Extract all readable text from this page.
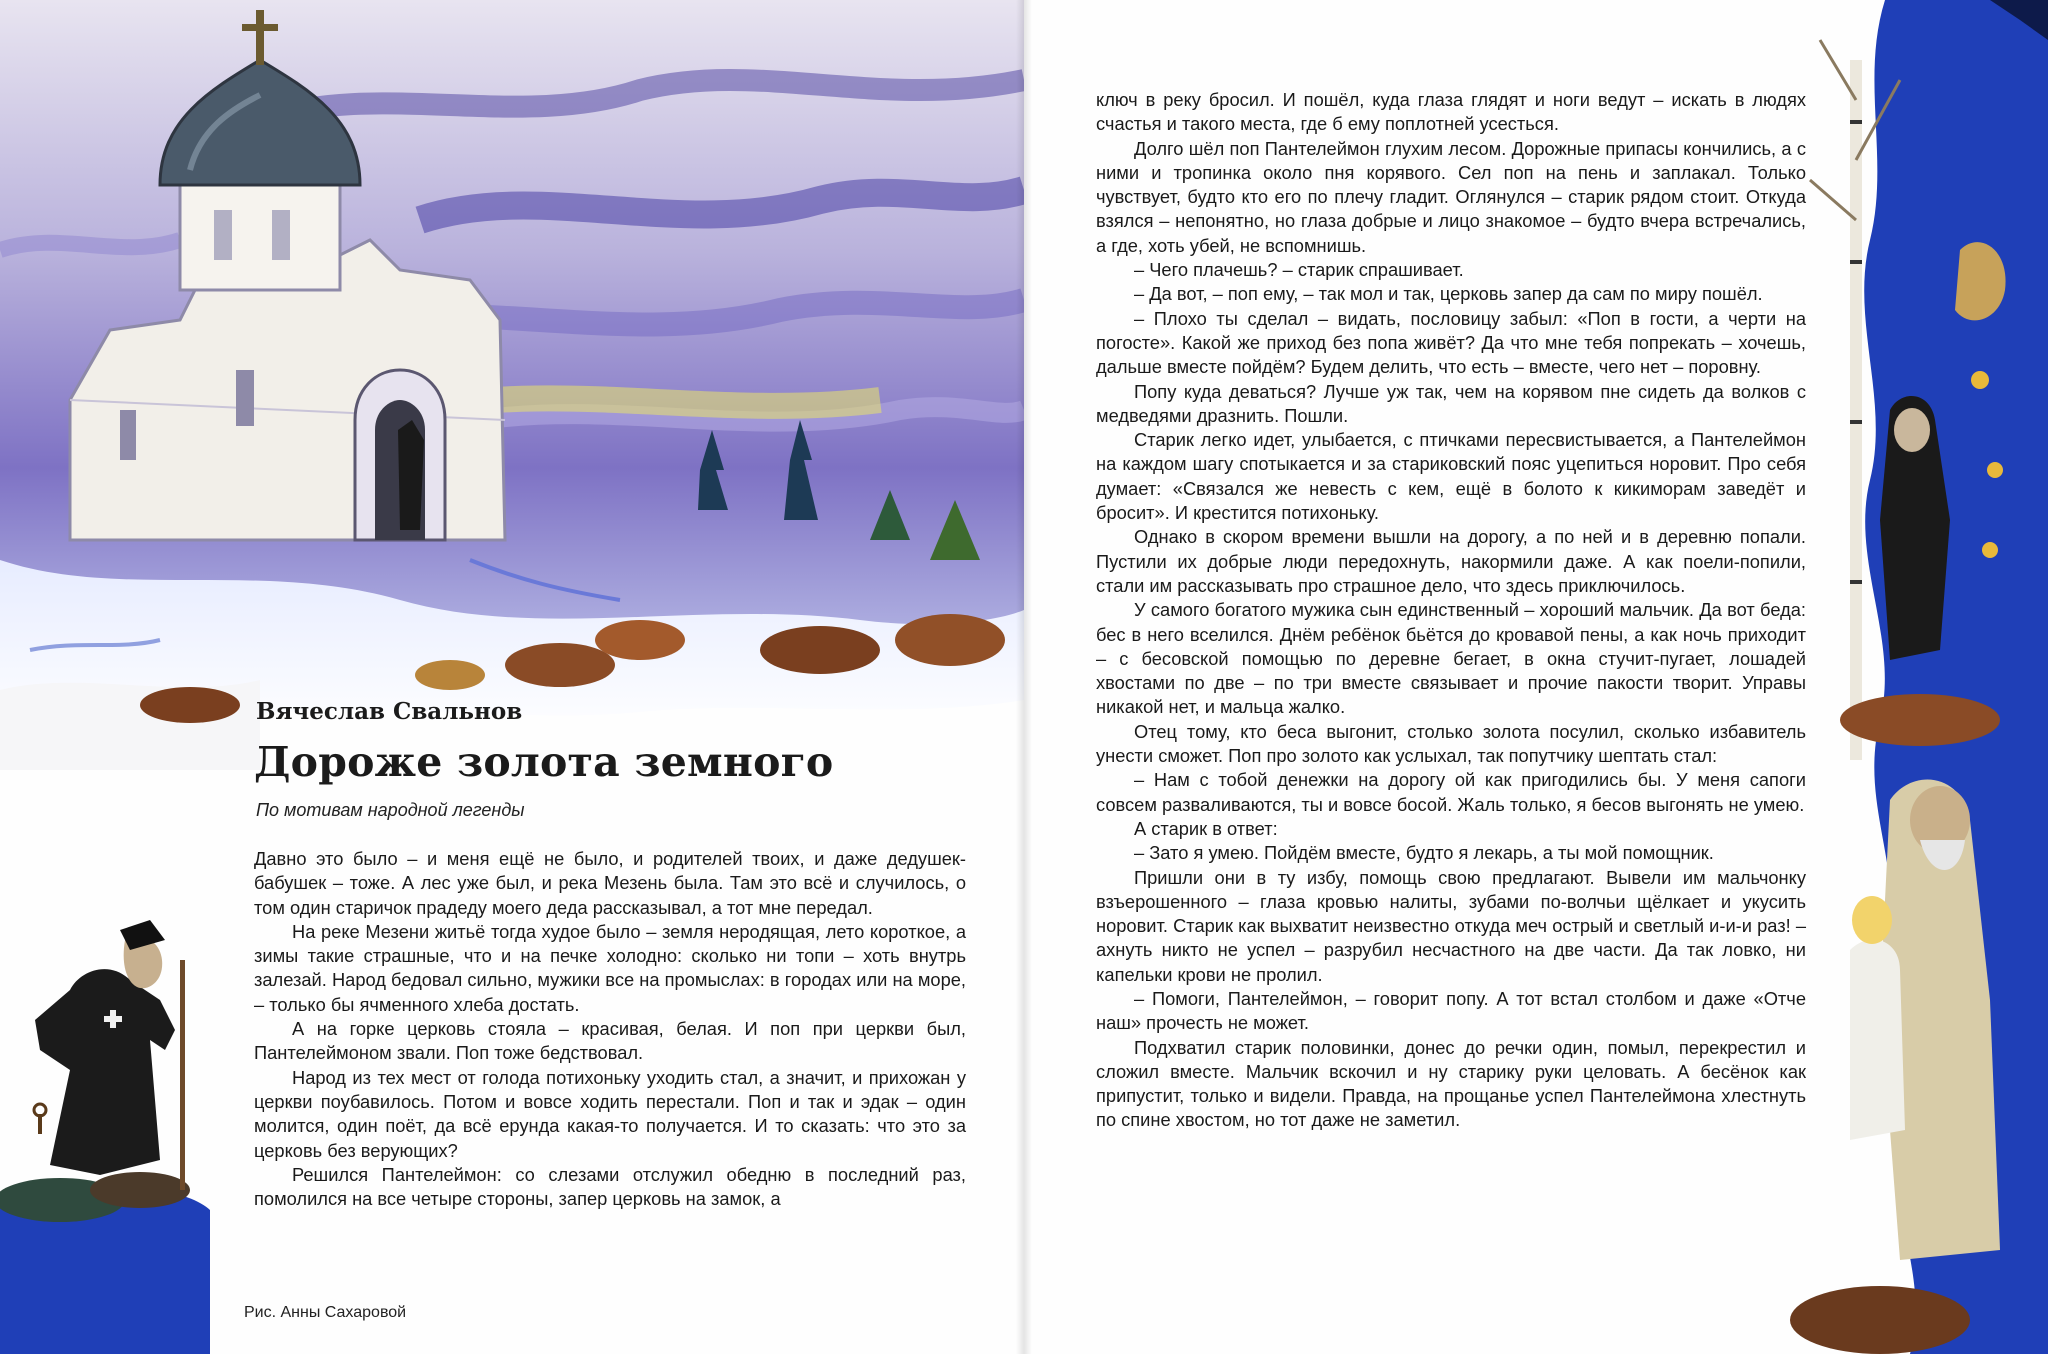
Вячеслав Свальнов
Дороже золота земного
По мотивам народной легенды

Давно это было – и меня ещё не было, и родителей твоих, и даже дедушек-бабушек – тоже. А лес уже был, и река Мезень была. Там это всё и случилось, о том один старичок прадеду моего деда рассказывал, а тот мне передал.

На реке Мезени житьё тогда худое было – земля неродящая, лето короткое, а зимы такие страшные, что и на печке холодно: сколько ни топи – хоть внутрь залезай. Народ бедовал сильно, мужики все на промыслах: в городах или на море, – только бы ячменного хлеба достать.

А на горке церковь стояла – красивая, белая. И поп при церкви был, Пантелеймоном звали. Поп тоже бедствовал.

Народ из тех мест от голода потихоньку уходить стал, а значит, и прихожан у церкви поубавилось. Потом и вовсе ходить перестали. Поп и так и эдак – один молится, один поёт, да всё ерунда какая-то получается. И то сказать: что это за церковь без верующих?

Решился Пантелеймон: со слезами отслужил обедню в последний раз, помолился на все четыре стороны, запер церковь на замок, а

Рис. Анны Сахаровой

ключ в реку бросил. И пошёл, куда глаза глядят и ноги ведут – искать в людях счастья и такого места, где б ему поплотней усесться.

Долго шёл поп Пантелеймон глухим лесом. Дорожные припасы кончились, а с ними и тропинка около пня корявого. Сел поп на пень и заплакал. Только чувствует, будто кто его по плечу гладит. Оглянулся – старик рядом стоит. Откуда взялся – непонятно, но глаза добрые и лицо знакомое – будто вчера встречались, а где, хоть убей, не вспомнишь.

– Чего плачешь? – старик спрашивает.

– Да вот, – поп ему, – так мол и так, церковь запер да сам по миру пошёл.

– Плохо ты сделал – видать, пословицу забыл: «Поп в гости, а черти на погосте». Какой же приход без попа живёт? Да что мне тебя попрекать – хочешь, дальше вместе пойдём? Будем делить, что есть – вместе, чего нет – поровну.

Попу куда деваться? Лучше уж так, чем на корявом пне сидеть да волков с медведями дразнить. Пошли.

Старик легко идет, улыбается, с птичками пересвистывается, а Пантелеймон на каждом шагу спотыкается и за стариковский пояс уцепиться норовит. Про себя думает: «Связался же невесть с кем, ещё в болото к кикиморам заведёт и бросит». И крестится потихоньку.

Однако в скором времени вышли на дорогу, а по ней и в деревню попали. Пустили их добрые люди передохнуть, накормили даже. А как поели-попили, стали им рассказывать про страшное дело, что здесь приключилось.

У самого богатого мужика сын единственный – хороший мальчик. Да вот беда: бес в него вселился. Днём ребёнок бьётся до кровавой пены, а как ночь приходит – с бесовской помощью по деревне бегает, в окна стучит-пугает, лошадей хвостами по две – по три вместе связывает и прочие пакости творит. Управы никакой нет, и мальца жалко.

Отец тому, кто беса выгонит, столько золота посулил, сколько избавитель унести сможет. Поп про золото как услыхал, так попутчику шептать стал:

– Нам с тобой денежки на дорогу ой как пригодились бы. У меня сапоги совсем разваливаются, ты и вовсе босой. Жаль только, я бесов выгонять не умею.

А старик в ответ:

– Зато я умею. Пойдём вместе, будто я лекарь, а ты мой помощник.

Пришли они в ту избу, помощь свою предлагают. Вывели им мальчонку взъерошенного – глаза кровью налиты, зубами по-волчьи щёлкает и укусить норовит. Старик как выхватит неизвестно откуда меч острый и светлый и-и-и раз! – ахнуть никто не успел – разрубил несчастного на две части. Да так ловко, ни капельки крови не пролил.

– Помоги, Пантелеймон, – говорит попу. А тот встал столбом и даже «Отче наш» прочесть не может.

Подхватил старик половинки, донес до речки один, помыл, перекрестил и сложил вместе. Мальчик вскочил и ну старику руки целовать. А бесёнок как припустит, только и видели. Правда, на прощанье успел Пантелеймона хлестнуть по спине хвостом, но тот даже не заметил.
